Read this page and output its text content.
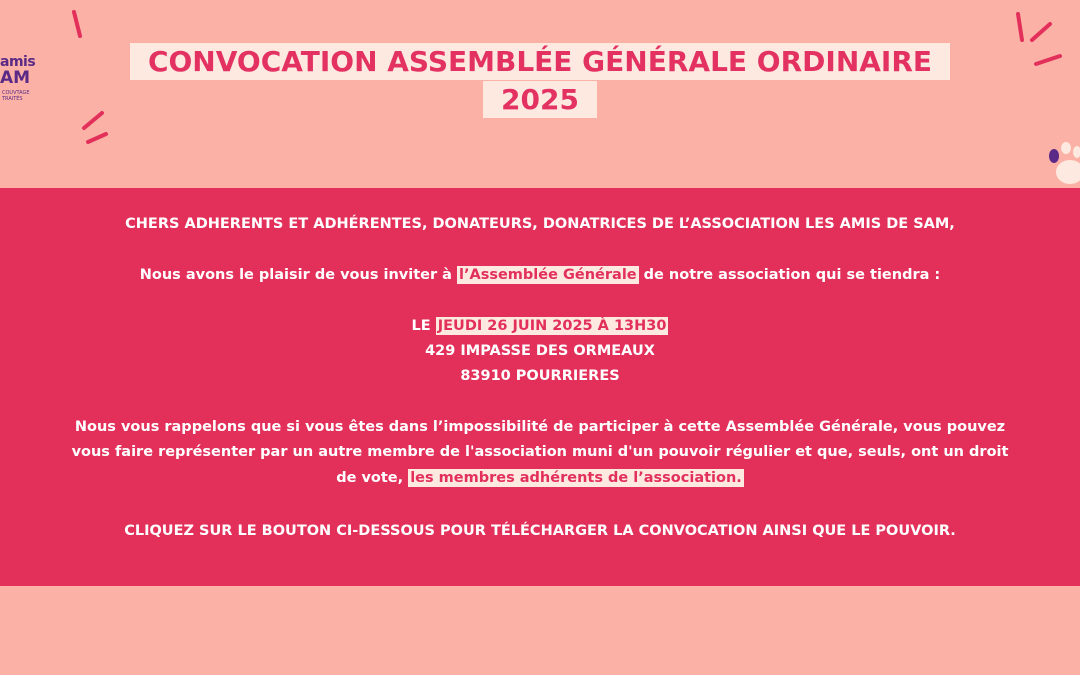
amis
AM
COUVTAGE TRAITÉS
CONVOCATION ASSEMBLÉE GÉNÉRALE ORDINAIRE
2025
CHERS ADHERENTS ET ADHÉRENTES, DONATEURS, DONATRICES DE L’ASSOCIATION LES AMIS DE SAM,
Nous avons le plaisir de vous inviter à l’Assemblée Générale de notre association qui se tiendra :
LE JEUDI 26 JUIN 2025 À 13H30
429 IMPASSE DES ORMEAUX
83910 POURRIERES
Nous vous rappelons que si vous êtes dans l’impossibilité de participer à cette Assemblée Générale, vous pouvez
vous faire représenter par un autre membre de l'association muni d'un pouvoir régulier et que, seuls, ont un droit
de vote, les membres adhérents de l’association.
CLIQUEZ SUR LE BOUTON CI-DESSOUS POUR TÉLÉCHARGER LA CONVOCATION AINSI QUE LE POUVOIR.
